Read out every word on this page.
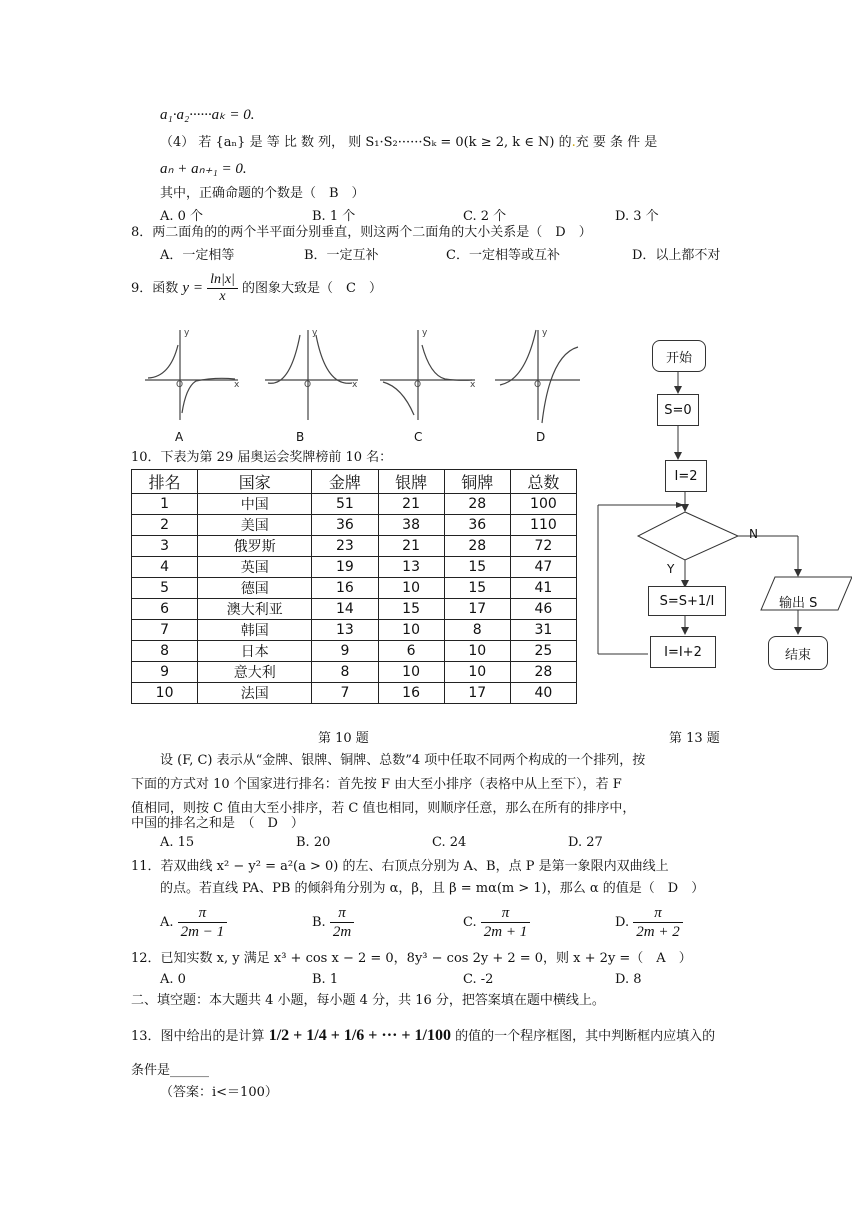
a₁·a₂······aₖ = 0.
（4） 若 {aₙ} 是 等 比 数 列， 则 S₁·S₂······Sₖ = 0(k ≥ 2, k ∈ N) 的.充 要 条 件 是
aₙ + aₙ₊₁ = 0.
其中，正确命题的个数是（　B　）
A. 0 个	B. 1 个	C. 2 个	D. 3 个
8．两二面角的的两个半平面分别垂直，则这两个二面角的大小关系是（　D　）
A．一定相等	B．一定互补	C．一定相等或互补	D．以上都不对
9．函数 $y = \frac{\ln|x|}{x}$ 的图象大致是（　C　）
O
y
x	O
y
x	O
y
x	O
y
A	B	C	D
10．下表为第 29 届奥运会奖牌榜前 10 名：
排名	国家	金牌	银牌	铜牌	总数
1	中国	51	21	28	100
2	美国	36	38	36	110
3	俄罗斯	23	21	28	72
4	英国	19	13	15	47
5	德国	16	10	15	41
6	澳大利亚	14	15	17	46
7	韩国	13	10	8	31
8	日本	9	6	10	25
9	意大利	8	10	10	28
10	法国	7	16	17	40
开始
S=0
I=2
Y
N
S=S+1/I
I=I+2
输出 S
结束
第 10 题	第 13 题
设 (F, C) 表示从“金牌、银牌、铜牌、总数”4 项中任取不同两个构成的一个排列，按
下面的方式对 10 个国家进行排名：首先按 F 由大至小排序（表格中从上至下），若 F
值相同，则按 C 值由大至小排序，若 C 值也相同，则顺序任意，那么在所有的排序中，
中国的排名之和是　（　D　）
A. 15	B. 20	C. 24	D. 27
11．若双曲线 x² − y² = a²(a > 0) 的左、右顶点分别为 A、B，点 P 是第一象限内双曲线上
的点。若直线 PA、PB 的倾斜角分别为 α，β，且 β = mα(m > 1)，那么 α 的值是（　D　）
A. $\frac{\pi}{2m - 1}$	B. $\frac{\pi}{2m}$	C. $\frac{\pi}{2m + 1}$	D. $\frac{\pi}{2m + 2}$
12．已知实数 x, y 满足 x³ + cos x − 2 = 0，8y³ − cos 2y + 2 = 0，则 x + 2y =（　A　）
A. 0	B. 1	C. -2	D. 8
二、填空题：本大题共 4 小题，每小题 4 分，共 16 分，把答案填在题中横线上。
13．图中给出的是计算 1/2 + 1/4 + 1/6 + ··· + 1/100 的值的一个程序框图，其中判断框内应填入的
条件是______
（答案：i<＝100）
